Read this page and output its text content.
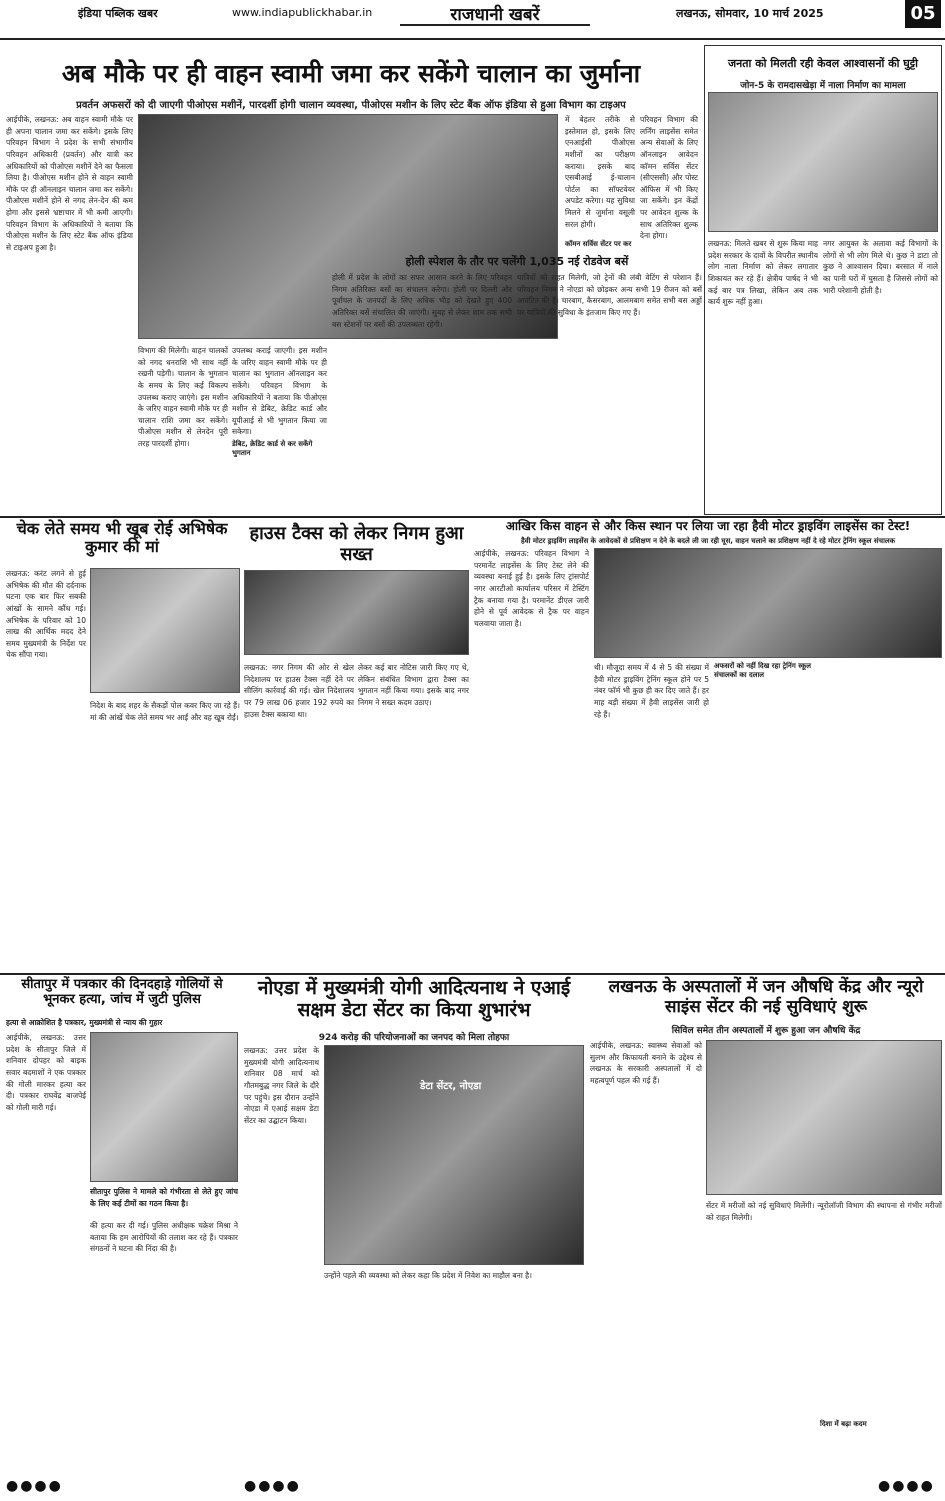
इंडिया पब्लिक खबर	www.indiapublickhabar.in	राजधानी खबरें	लखनऊ, सोमवार, 10 मार्च 2025	05
अब मौके पर ही वाहन स्वामी जमा कर सकेंगे चालान का जुर्माना
प्रवर्तन अफसरों को दी जाएगी पीओएस मशीनें, पारदर्शी होगी चालान व्यवस्था, पीओएस मशीन के लिए स्टेट बैंक ऑफ इंडिया से हुआ विभाग का टाइअप
आईपीके, लखनऊ: अब वाहन स्वामी मौके पर ही अपना चालान जमा कर सकेंगे। इसके लिए परिवहन विभाग ने प्रदेश के सभी संभागीय परिवहन अधिकारी (प्रवर्तन) और यात्री कर अधिकारियों को पीओएस मशीनें देने का फैसला लिया है। पीओएस मशीन होने से वाहन स्वामी मौके पर ही ऑनलाइन चालान जमा कर सकेंगे। पीओएस मशीनें होने से नगद लेन-देन की कम होगा और इससे भ्रष्टाचार में भी कमी आएगी। परिवहन विभाग के अधिकारियों ने बताया कि पीओएस मशीन के लिए स्टेट बैंक ऑफ इंडिया से टाइअप हुआ है।
में बेहतर तरीके से इस्तेमाल हो, इसके लिए एनआईसी पीओएस मशीनों का परीक्षण कराया। इसके बाद एसबीआई ई-चालान पोर्टल का सॉफ्टवेयर अपडेट करेगा। यह सुविधा मिलने से जुर्माना वसूली सरल होगी।
परिवहन विभाग की लर्निंग लाइसेंस समेत अन्य सेवाओं के लिए ऑनलाइन आवेदन कॉमन सर्विस सेंटर (सीएससी) और पोस्ट ऑफिस में भी किए जा सकेंगे। इन केंद्रों पर आवेदन शुल्क के साथ अतिरिक्त शुल्क देना होगा।
कॉमन सर्विस सेंटर पर कर
विभाग की मिलेगी। वाहन चालकों को नगद धनराशि भी साथ नहीं रखनी पड़ेगी। चालान के भुगतान के समय के लिए कई विकल्प उपलब्ध कराए जाएंगे। इस मशीन के जरिए वाहन स्वामी मौके पर ही चालान राशि जमा कर सकेंगे। पीओएस मशीन से लेनदेन पूरी तरह पारदर्शी होगा।
उपलब्ध कराई जाएगी। इस मशीन के जरिए वाहन स्वामी मौके पर ही चालान का भुगतान ऑनलाइन कर सकेंगे। परिवहन विभाग के अधिकारियों ने बताया कि पीओएस मशीन से डेबिट, क्रेडिट कार्ड और यूपीआई से भी भुगतान किया जा सकेगा।
डेबिट, क्रेडिट कार्ड से कर सकेंगे भुगतान
होली स्पेशल के तौर पर चलेंगी 1,035 नई रोडवेज बसें
होली में प्रदेश के लोगों का सफर आसान करने के लिए परिवहन निगम अतिरिक्त बसों का संचालन करेगा। होली पर दिल्ली और पूर्वांचल के जनपदों के लिए अधिक भीड़ को देखते हुए 400 अतिरिक्त बसें संचालित की जाएंगी। सुबह से लेकर शाम तक सभी बस स्टेशनों पर बसों की उपलब्धता रहेगी।
यात्रियों को राहत मिलेगी, जो ट्रेनों की लंबी वेटिंग से परेशान हैं। परिवहन निगम ने नोएडा को छोड़कर अन्य सभी 19 रीजन को बसें आवंटित की हैं। चारबाग, कैसरबाग, आलमबाग समेत सभी बस अड्डों पर यात्रियों की सुविधा के इंतजाम किए गए हैं।
जनता को मिलती रही केवल आश्वासनों की घुट्टी
जोन-5 के रामदासखेड़ा में नाला निर्माण का मामला
लखनऊ: मिलते खबर से शुरू किया माह प्रदेश सरकार के दावों के विपरीत स्थानीय लोग नाला निर्माण को लेकर लगातार शिकायत कर रहे हैं। क्षेत्रीय पार्षद ने भी कई बार पत्र लिखा, लेकिन अब तक कार्य शुरू नहीं हुआ।
नगर आयुक्त के अलावा कई विभागों के लोगों से भी लोग मिले थे। कुछ ने डाटा तो कुछ ने आश्वासन दिया। बरसात में नाले का पानी घरों में घुसता है जिससे लोगों को भारी परेशानी होती है।
चेक लेते समय भी खूब रोई अभिषेक कुमार की मां
लखनऊ: करंट लगने से हुई अभिषेक की मौत की दर्दनाक घटना एक बार फिर सबकी आंखों के सामने कौंध गई। अभिषेक के परिवार को 10 लाख की आर्थिक मदद देने समय मुख्यमंत्री के निर्देश पर चेक सौंपा गया।
निदेश के बाद शहर के सैकड़ों पोल कवर किए जा रहे हैं। मां की आंखें चेक लेते समय भर आईं और वह खूब रोईं।
हाउस टैक्स को लेकर निगम हुआ सख्त
लखनऊ: नगर निगम की ओर से खेल निदेशालय पर हाउस टैक्स नहीं देने पर सीलिंग कार्रवाई की गई। खेल निदेशालय पर 79 लाख 06 हजार 192 रुपये का हाउस टैक्स बकाया था।
लेकर कई बार नोटिस जारी किए गए थे, लेकिन संबंधित विभाग द्वारा टैक्स का भुगतान नहीं किया गया। इसके बाद नगर निगम ने सख्त कदम उठाए।
आखिर किस वाहन से और किस स्थान पर लिया जा रहा हैवी मोटर ड्राइविंग लाइसेंस का टेस्ट!
हैवी मोटर ड्राइविंग लाइसेंस के आवेदकों से प्रशिक्षण न देने के बदले ली जा रही घूस, वाहन चलाने का प्रशिक्षण नहीं दे रहे मोटर ट्रेनिंग स्कूल संचालक
आईपीके, लखनऊ: परिवहन विभाग ने परमानेंट लाइसेंस के लिए टेस्ट लेने की व्यवस्था बनाई हुई है। इसके लिए ट्रांसपोर्ट नगर आरटीओ कार्यालय परिसर में टेस्टिंग ट्रैक बनाया गया है। परमानेंट डीएल जारी होने से पूर्व आवेदक से ट्रैक पर वाहन चलवाया जाता है।
थी। मौजूदा समय में 4 से 5 की संख्या में हैवी मोटर ड्राइविंग ट्रेनिंग स्कूल होने पर 5 नंबर फॉर्म भी कुछ ही कर दिए जाते हैं। हर माह बड़ी संख्या में हैवी लाइसेंस जारी हो रहे हैं।
अफसरों को नहीं दिख रहा ट्रेनिंग स्कूल संचालकों का दलाल
सीतापुर में पत्रकार की दिनदहाड़े गोलियों से भूनकर हत्या, जांच में जुटी पुलिस
हत्या से आक्रोशित है पत्रकार, मुख्यमंत्री से न्याय की गुहार
आईपीके, लखनऊ: उत्तर प्रदेश के सीतापुर जिले में शनिवार दोपहर को बाइक सवार बदमाशों ने एक पत्रकार की गोली मारकर हत्या कर दी। पत्रकार राघवेंद्र बाजपेई को गोली मारी गई।
सीतापुर पुलिस ने मामले को गंभीरता से लेते हुए जांच के लिए कई टीमों का गठन किया है।
की हत्या कर दी गई। पुलिस अधीक्षक चक्रेश मिश्रा ने बताया कि हम आरोपियों की तलाश कर रहे हैं। पत्रकार संगठनों ने घटना की निंदा की है।
नोएडा में मुख्यमंत्री योगी आदित्यनाथ ने एआई सक्षम डेटा सेंटर का किया शुभारंभ
924 करोड़ की परियोजनाओं का जनपद को मिला तोहफा
लखनऊ: उत्तर प्रदेश के मुख्यमंत्री योगी आदित्यनाथ शनिवार 08 मार्च को गौतमबुद्ध नगर जिले के दौरे पर पहुंचे। इस दौरान उन्होंने नोएडा में एआई सक्षम डेटा सेंटर का उद्घाटन किया।
डेटा सेंटर, नोएडा
उन्होंने पहले की व्यवस्था को लेकर कहा कि प्रदेश में निवेश का माहौल बना है।
लखनऊ के अस्पतालों में जन औषधि केंद्र और न्यूरो साइंस सेंटर की नई सुविधाएं शुरू
सिविल समेत तीन अस्पतालों में शुरू हुआ जन औषधि केंद्र
आईपीके, लखनऊ: स्वास्थ्य सेवाओं को सुलभ और किफायती बनाने के उद्देश्य से लखनऊ के सरकारी अस्पतालों में दो महत्वपूर्ण पहल की गई हैं।
सेंटर में मरीजों को नई सुविधाएं मिलेंगी। न्यूरोलॉजी विभाग की स्थापना से गंभीर मरीजों को राहत मिलेगी।
दिशा में बढ़ा कदम
●●●●	●●●●	●●●●
